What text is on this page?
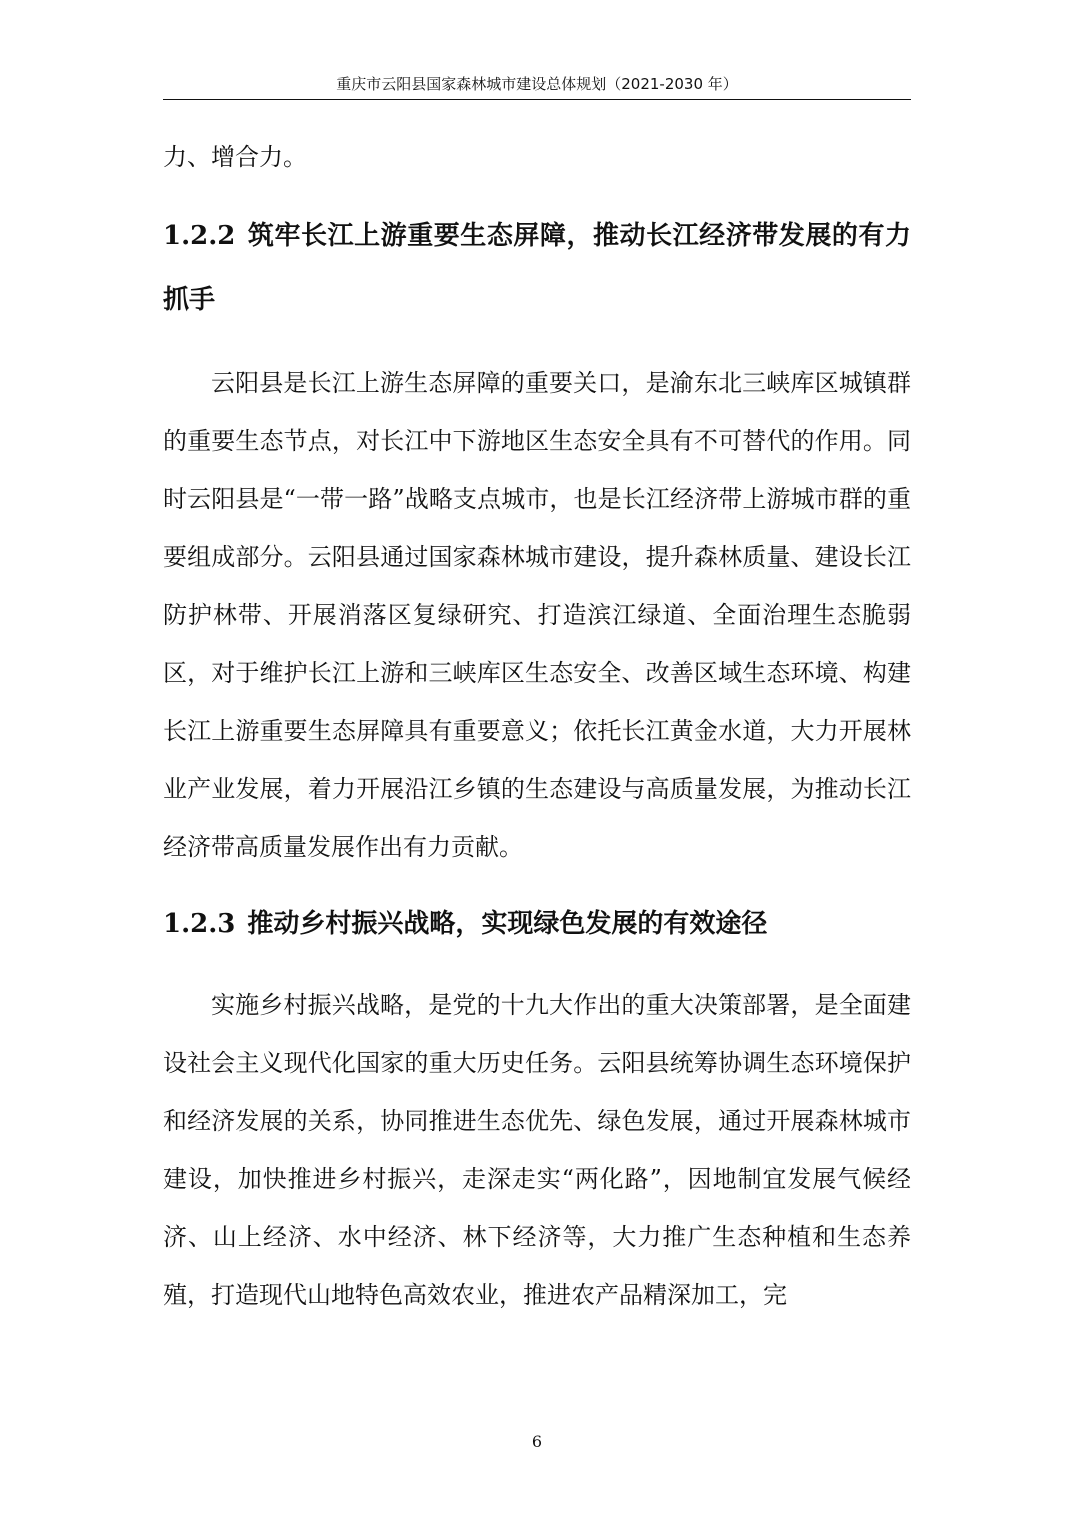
重庆市云阳县国家森林城市建设总体规划（2021-2030 年）

力、增合力。

1.2.2 筑牢长江上游重要生态屏障，推动长江经济带发展的有力抓手

云阳县是长江上游生态屏障的重要关口，是渝东北三峡库区城镇群的重要生态节点，对长江中下游地区生态安全具有不可替代的作用。同时云阳县是“一带一路”战略支点城市，也是长江经济带上游城市群的重要组成部分。云阳县通过国家森林城市建设，提升森林质量、建设长江防护林带、开展消落区复绿研究、打造滨江绿道、全面治理生态脆弱区，对于维护长江上游和三峡库区生态安全、改善区域生态环境、构建长江上游重要生态屏障具有重要意义；依托长江黄金水道，大力开展林业产业发展，着力开展沿江乡镇的生态建设与高质量发展，为推动长江经济带高质量发展作出有力贡献。

1.2.3 推动乡村振兴战略，实现绿色发展的有效途径

实施乡村振兴战略，是党的十九大作出的重大决策部署，是全面建设社会主义现代化国家的重大历史任务。云阳县统筹协调生态环境保护和经济发展的关系，协同推进生态优先、绿色发展，通过开展森林城市建设，加快推进乡村振兴，走深走实“两化路”，因地制宜发展气候经济、山上经济、水中经济、林下经济等，大力推广生态种植和生态养殖，打造现代山地特色高效农业，推进农产品精深加工，完

6
